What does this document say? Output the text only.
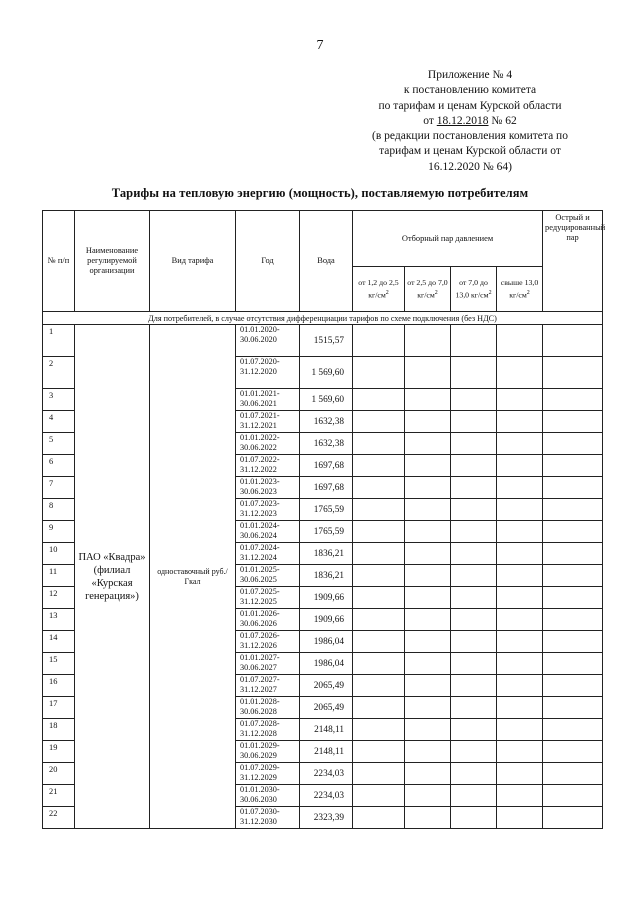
7
Приложение № 4
к постановлению комитета
по тарифам и ценам Курской области
от 18.12.2018 № 62
(в редакции постановления комитета по
тарифам и ценам Курской области от
16.12.2020 № 64)
Тарифы на тепловую энергию (мощность), поставляемую потребителям
№ п/п	Наименование регулируемой организации	Вид тарифа	Год	Вода	Отборный пар давлением				Острый и редуцированный пар
					от 1,2 до 2,5 $кг/см^2$	от 2,5 до 7,0 $кг/см^2$	от 7,0 до 13,0 $кг/см^2$	свыше 13,0 $кг/см^2$
Для потребителей, в случае отсутствия дифференциации тарифов по схеме подключения (без НДС)									
1	ПАО «Квадра» (филиал «Курская генерация»)	одноставочный руб./Гкал	01.01.2020-30.06.2020	1515,57					
2			01.07.2020-31.12.2020	1 569,60					
3			01.01.2021-30.06.2021	1 569,60					
4			01.07.2021-31.12.2021	1632,38					
5			01.01.2022-30.06.2022	1632,38					
6			01.07.2022-31.12.2022	1697,68					
7			01.01.2023-30.06.2023	1697,68					
8			01.07.2023-31.12.2023	1765,59					
9			01.01.2024-30.06.2024	1765,59					
10			01.07.2024-31.12.2024	1836,21					
11			01.01.2025-30.06.2025	1836,21					
12			01.07.2025-31.12.2025	1909,66					
13			01.01.2026-30.06.2026	1909,66					
14			01.07.2026-31.12.2026	1986,04					
15			01.01.2027-30.06.2027	1986,04					
16			01.07.2027-31.12.2027	2065,49					
17			01.01.2028-30.06.2028	2065,49					
18			01.07.2028-31.12.2028	2148,11					
19			01.01.2029-30.06.2029	2148,11					
20			01.07.2029-31.12.2029	2234,03					
21			01.01.2030-30.06.2030	2234,03					
22			01.07.2030-31.12.2030	2323,39					
